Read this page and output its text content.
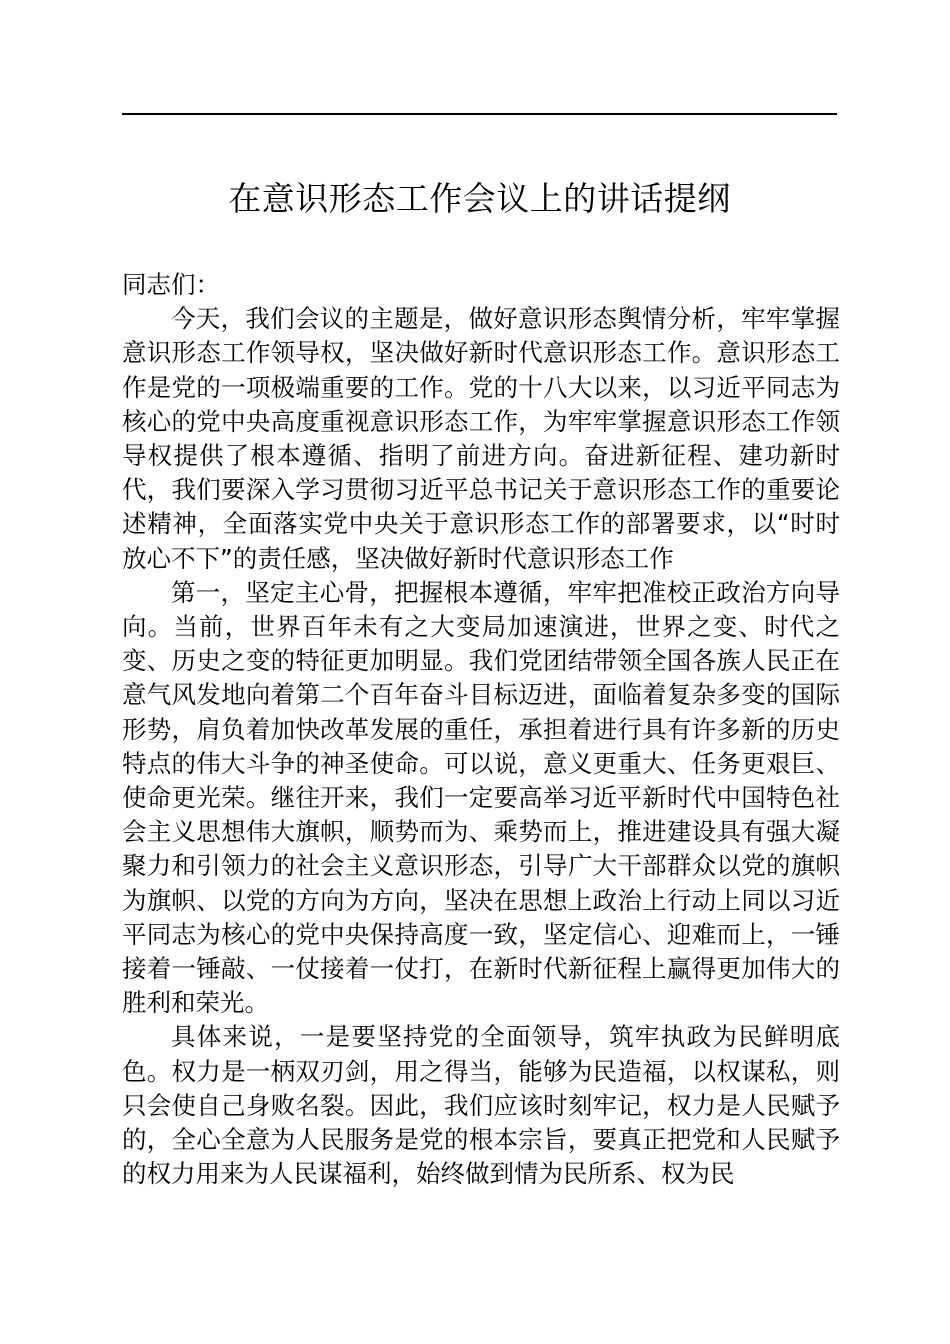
在意识形态工作会议上的讲话提纲

同志们：

今天，我们会议的主题是，做好意识形态舆情分析，牢牢掌握意识形态工作领导权，坚决做好新时代意识形态工作。意识形态工作是党的一项极端重要的工作。党的十八大以来，以习近平同志为核心的党中央高度重视意识形态工作，为牢牢掌握意识形态工作领导权提供了根本遵循、指明了前进方向。奋进新征程、建功新时代，我们要深入学习贯彻习近平总书记关于意识形态工作的重要论述精神，全面落实党中央关于意识形态工作的部署要求，以“时时放心不下”的责任感，坚决做好新时代意识形态工作

第一，坚定主心骨，把握根本遵循，牢牢把准校正政治方向导向。当前，世界百年未有之大变局加速演进，世界之变、时代之变、历史之变的特征更加明显。我们党团结带领全国各族人民正在意气风发地向着第二个百年奋斗目标迈进，面临着复杂多变的国际形势，肩负着加快改革发展的重任，承担着进行具有许多新的历史特点的伟大斗争的神圣使命。可以说，意义更重大、任务更艰巨、使命更光荣。继往开来，我们一定要高举习近平新时代中国特色社会主义思想伟大旗帜，顺势而为、乘势而上，推进建设具有强大凝聚力和引领力的社会主义意识形态，引导广大干部群众以党的旗帜为旗帜、以党的方向为方向，坚决在思想上政治上行动上同以习近平同志为核心的党中央保持高度一致，坚定信心、迎难而上，一锤接着一锤敲、一仗接着一仗打，在新时代新征程上赢得更加伟大的胜利和荣光。

具体来说，一是要坚持党的全面领导，筑牢执政为民鲜明底色。权力是一柄双刃剑，用之得当，能够为民造福，以权谋私，则只会使自己身败名裂。因此，我们应该时刻牢记，权力是人民赋予的，全心全意为人民服务是党的根本宗旨，要真正把党和人民赋予的权力用来为人民谋福利，始终做到情为民所系、权为民
